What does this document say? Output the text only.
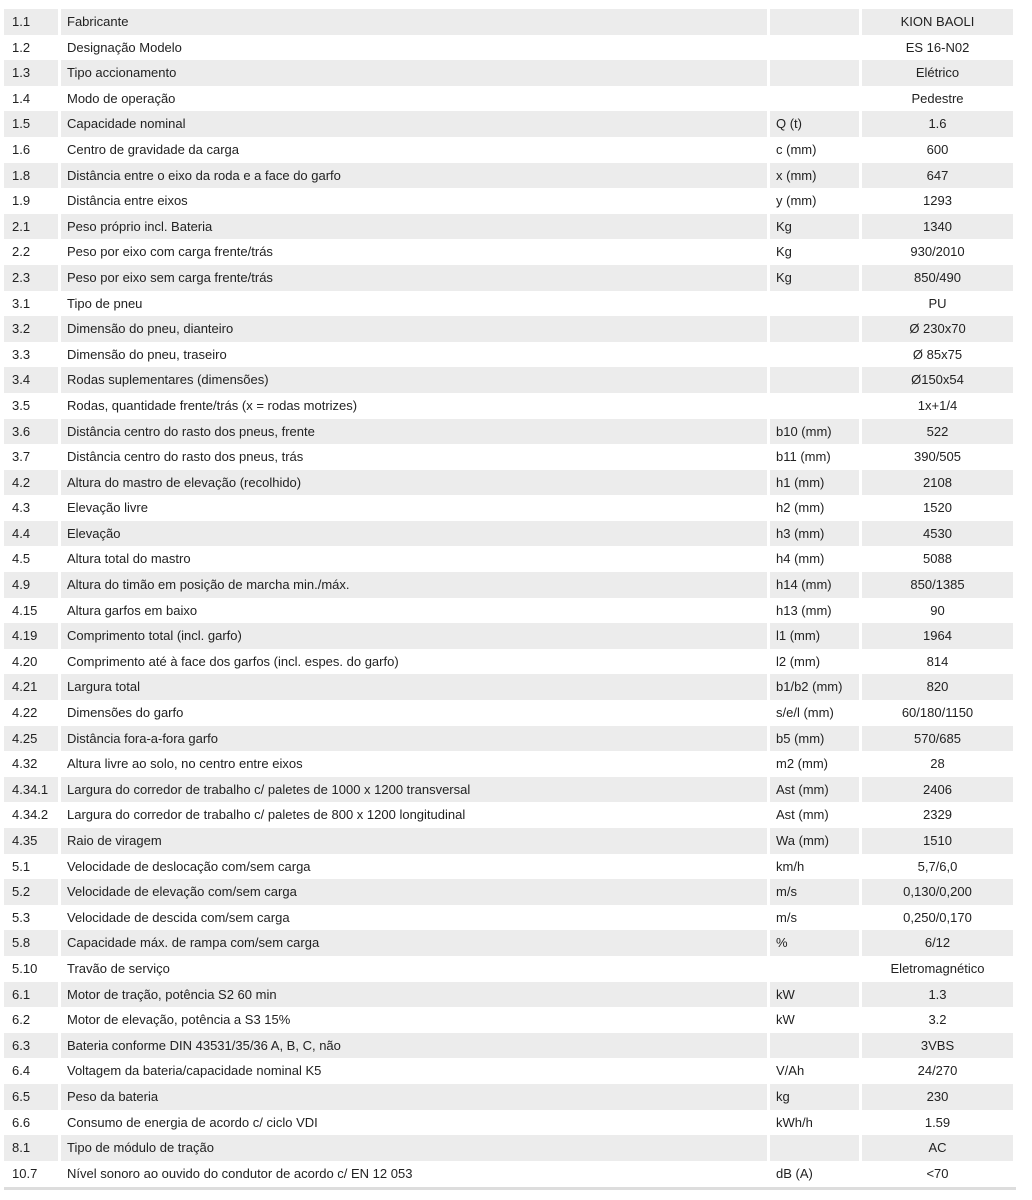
1.1	Fabricante		KION BAOLI
1.2	Designação Modelo		ES 16-N02
1.3	Tipo accionamento		Elétrico
1.4	Modo de operação		Pedestre
1.5	Capacidade nominal	Q (t)	1.6
1.6	Centro de gravidade da carga	c (mm)	600
1.8	Distância entre o eixo da roda e a face do garfo	x (mm)	647
1.9	Distância entre eixos	y (mm)	1293
2.1	Peso próprio incl. Bateria	Kg	1340
2.2	Peso por eixo com carga frente/trás	Kg	930/2010
2.3	Peso por eixo sem carga frente/trás	Kg	850/490
3.1	Tipo de pneu		PU
3.2	Dimensão do pneu, dianteiro		Ø 230x70
3.3	Dimensão do pneu, traseiro		Ø 85x75
3.4	Rodas suplementares (dimensões)		Ø150x54
3.5	Rodas, quantidade frente/trás (x = rodas motrizes)		1x+1/4
3.6	Distância centro do rasto dos pneus, frente	b10 (mm)	522
3.7	Distância centro do rasto dos pneus, trás	b11 (mm)	390/505
4.2	Altura do mastro de elevação (recolhido)	h1 (mm)	2108
4.3	Elevação livre	h2 (mm)	1520
4.4	Elevação	h3 (mm)	4530
4.5	Altura total do mastro	h4 (mm)	5088
4.9	Altura do timão em posição de marcha min./máx.	h14 (mm)	850/1385
4.15	Altura garfos em baixo	h13 (mm)	90
4.19	Comprimento total (incl. garfo)	l1 (mm)	1964
4.20	Comprimento até à face dos garfos (incl. espes. do garfo)	l2 (mm)	814
4.21	Largura total	b1/b2 (mm)	820
4.22	Dimensões do garfo	s/e/l (mm)	60/180/1150
4.25	Distância fora-a-fora garfo	b5 (mm)	570/685
4.32	Altura livre ao solo, no centro entre eixos	m2 (mm)	28
4.34.1	Largura do corredor de trabalho c/ paletes de 1000 x 1200 transversal	Ast (mm)	2406
4.34.2	Largura do corredor de trabalho c/ paletes de 800 x 1200 longitudinal	Ast (mm)	2329
4.35	Raio de viragem	Wa (mm)	1510
5.1	Velocidade de deslocação com/sem carga	km/h	5,7/6,0
5.2	Velocidade de elevação com/sem carga	m/s	0,130/0,200
5.3	Velocidade de descida com/sem carga	m/s	0,250/0,170
5.8	Capacidade máx. de rampa com/sem carga	%	6/12
5.10	Travão de serviço		Eletromagnético
6.1	Motor de tração, potência S2 60 min	kW	1.3
6.2	Motor de elevação, potência a S3 15%	kW	3.2
6.3	Bateria conforme DIN 43531/35/36 A, B, C, não		3VBS
6.4	Voltagem da bateria/capacidade nominal K5	V/Ah	24/270
6.5	Peso da bateria	kg	230
6.6	Consumo de energia de acordo c/ ciclo VDI	kWh/h	1.59
8.1	Tipo de módulo de tração		AC
10.7	Nível sonoro ao ouvido do condutor de acordo c/ EN 12 053	dB (A)	<70
